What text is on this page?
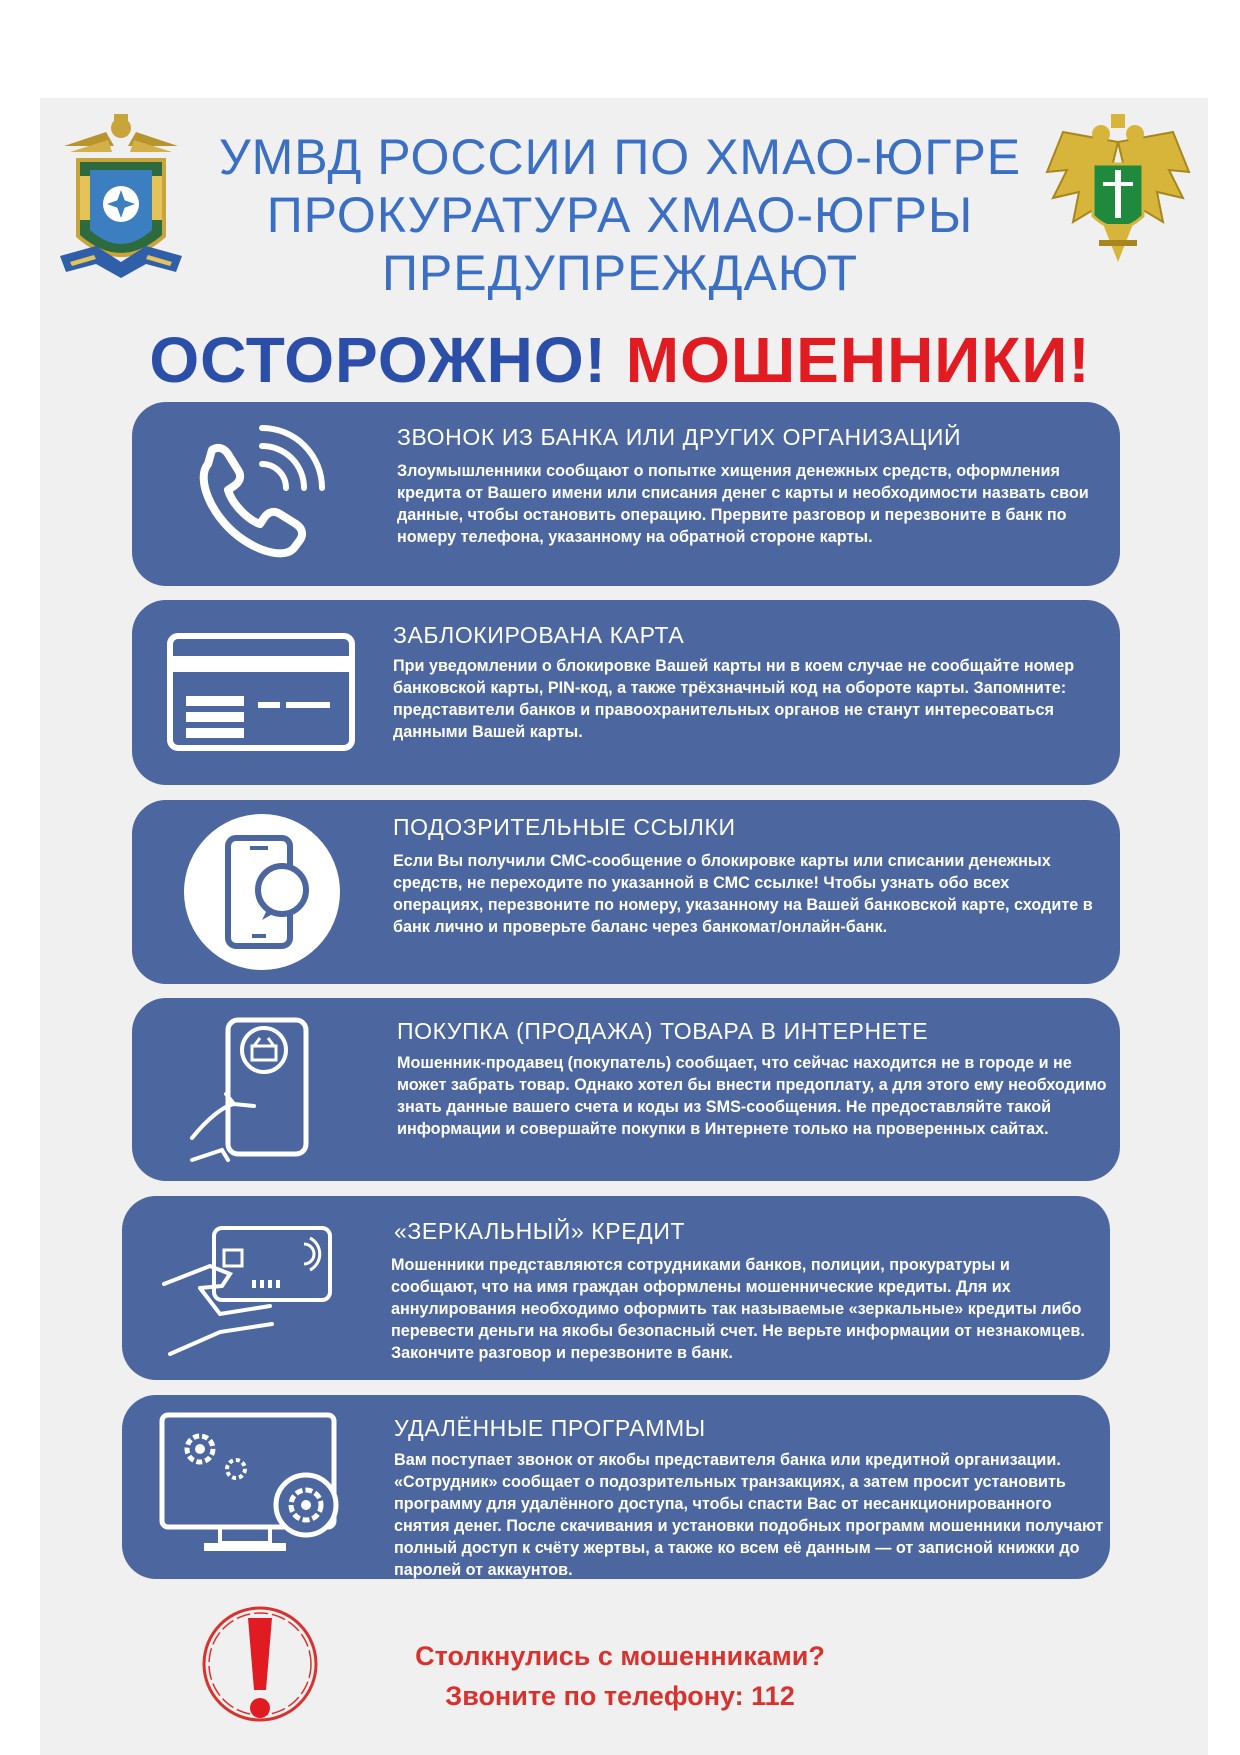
УМВД РОССИИ ПО ХМАО-ЮГРЕ
ПРОКУРАТУРА ХМАО-ЮГРЫ
ПРЕДУПРЕЖДАЮТ
ОСТОРОЖНО! МОШЕННИКИ!
ЗВОНОК ИЗ БАНКА ИЛИ ДРУГИХ ОРГАНИЗАЦИЙ

Злоумышленники сообщают о попытке хищения денежных средств, оформления кредита от Вашего имени или списания денег с карты и необходимости назвать свои данные, чтобы остановить операцию. Прервите разговор и перезвоните в банк по номеру телефона, указанному на обратной стороне карты.

ЗАБЛОКИРОВАНА КАРТА

При уведомлении о блокировке Вашей карты ни в коем случае не сообщайте номер банковской карты, PIN-код, а также трёхзначный код на обороте карты. Запомните: представители банков и правоохранительных органов не станут интересоваться данными Вашей карты.

ПОДОЗРИТЕЛЬНЫЕ ССЫЛКИ

Если Вы получили СМС-сообщение о блокировке карты или списании денежных средств, не переходите по указанной в СМС ссылке! Чтобы узнать обо всех операциях, перезвоните по номеру, указанному на Вашей банковской карте, сходите в банк лично и проверьте баланс через банкомат/онлайн-банк.

ПОКУПКА (ПРОДАЖА) ТОВАРА В ИНТЕРНЕТЕ

Мошенник-продавец (покупатель) сообщает, что сейчас находится не в городе и не может забрать товар. Однако хотел бы внести предоплату, а для этого ему необходимо знать данные вашего счета и коды из SMS-сообщения. Не предоставляйте такой информации и совершайте покупки в Интернете только на проверенных сайтах.

«ЗЕРКАЛЬНЫЙ» КРЕДИТ

Мошенники представляются сотрудниками банков, полиции, прокуратуры и сообщают, что на имя граждан оформлены мошеннические кредиты. Для их аннулирования необходимо оформить так называемые «зеркальные» кредиты либо перевести деньги на якобы безопасный счет. Не верьте информации от незнакомцев. Закончите разговор и перезвоните в банк.

УДАЛЁННЫЕ ПРОГРАММЫ

Вам поступает звонок от якобы представителя банка или кредитной организации. «Сотрудник» сообщает о подозрительных транзакциях, а затем просит установить программу для удалённого доступа, чтобы спасти Вас от несанкционированного снятия денег. После скачивания и установки подобных программ мошенники получают полный доступ к счёту жертвы, а также ко всем её данным — от записной книжки до паролей от аккаунтов.

Столкнулись с мошенниками?
Звоните по телефону: 112
